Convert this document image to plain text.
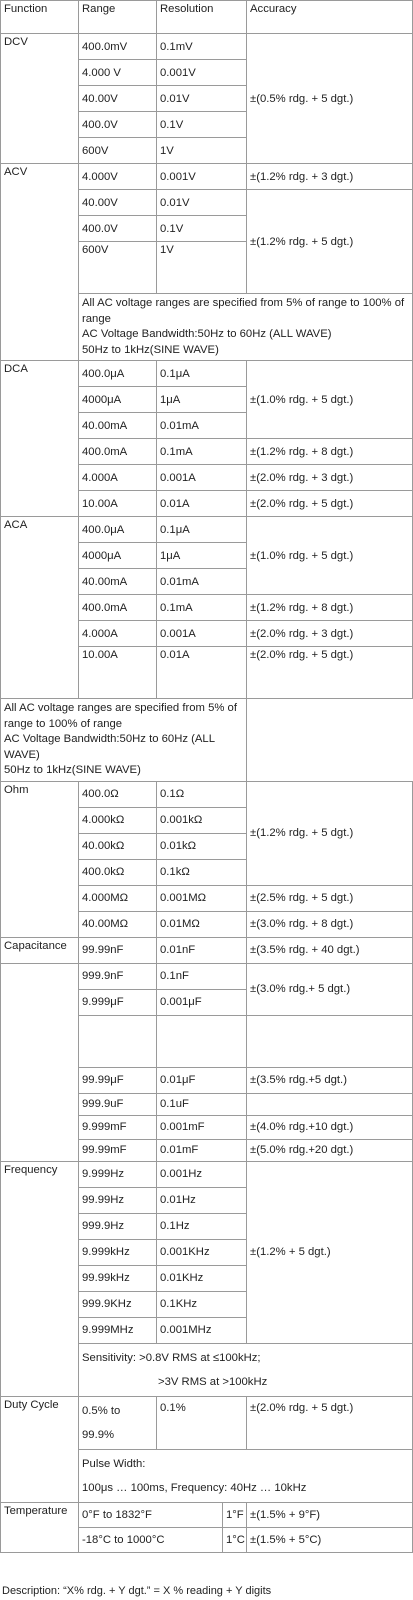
Function	Range	Resolution		Accuracy
DCV	400.0mV	0.1mV		±(0.5% rdg. + 5 dgt.)
	4.000 V	0.001V		
	40.00V	0.01V		
	400.0V	0.1V		
	600V	1V		
ACV	4.000V	0.001V		±(1.2% rdg. + 3 dgt.)
	40.00V	0.01V		±(1.2% rdg. + 5 dgt.)
	400.0V	0.1V		
	600V	1V		

	All AC voltage ranges are specified from 5% of range to 100% of range
AC Voltage Bandwidth:50Hz to 60Hz (ALL WAVE)
50Hz to 1kHz(SINE WAVE)			

DCA	400.0μA	0.1μA		±(1.0% rdg. + 5 dgt.)
	4000μA	1μA		
	40.00mA	0.01mA		
	400.0mA	0.1mA		±(1.2% rdg. + 8 dgt.)
	4.000A	0.001A		±(2.0% rdg. + 3 dgt.)
	10.00A	0.01A		±(2.0% rdg. + 5 dgt.)
ACA	400.0μA	0.1μA		±(1.0% rdg. + 5 dgt.)
	4000μA	1μA		
	40.00mA	0.01mA		
	400.0mA	0.1mA		±(1.2% rdg. + 8 dgt.)
	4.000A	0.001A		±(2.0% rdg. + 3 dgt.)
	10.00A	0.01A		±(2.0% rdg. + 5 dgt.)

All AC voltage ranges are specified from 5% of range to 100% of range
AC Voltage Bandwidth:50Hz to 60Hz (ALL WAVE)
50Hz to 1kHz(SINE WAVE)				

Ohm	400.0Ω	0.1Ω		±(1.2% rdg. + 5 dgt.)
	4.000kΩ	0.001kΩ		
	40.00kΩ	0.01kΩ		
	400.0kΩ	0.1kΩ		
	4.000MΩ	0.001MΩ		±(2.5% rdg. + 5 dgt.)
	40.00MΩ	0.01MΩ		±(3.0% rdg. + 8 dgt.)
Capacitance	99.99nF	0.01nF		±(3.5% rdg. + 40 dgt.)
	999.9nF	0.1nF		±(3.0% rdg.+ 5 dgt.)
	9.999μF	0.001μF		

	99.99μF	0.01μF		±(3.5% rdg.+5 dgt.)
	999.9uF	0.1uF		
	9.999mF	0.001mF		±(4.0% rdg.+10 dgt.)
	99.99mF	0.01mF		±(5.0% rdg.+20 dgt.)
Frequency	9.999Hz	0.001Hz		±(1.2% + 5 dgt.)
	99.99Hz	0.01Hz		
	999.9Hz	0.1Hz		
	9.999kHz	0.001KHz		
	99.99kHz	0.01KHz		
	999.9KHz	0.1KHz		
	9.999MHz	0.001MHz		

	Sensitivity: >0.8V RMS at ≤100kHz;
>3V RMS at >100kHz			

Duty Cycle	0.5% to
99.9%	0.1%		±(2.0% rdg. + 5 dgt.)

	Pulse Width:
100μs … 100ms, Frequency: 40Hz … 10kHz			

Temperature	0°F to 1832°F		1°F	±(1.5% + 9°F)
	-18°C to 1000°C		1°C	±(1.5% + 5°C)
Description: “X% rdg. + Y dgt.” = X % reading + Y digits
